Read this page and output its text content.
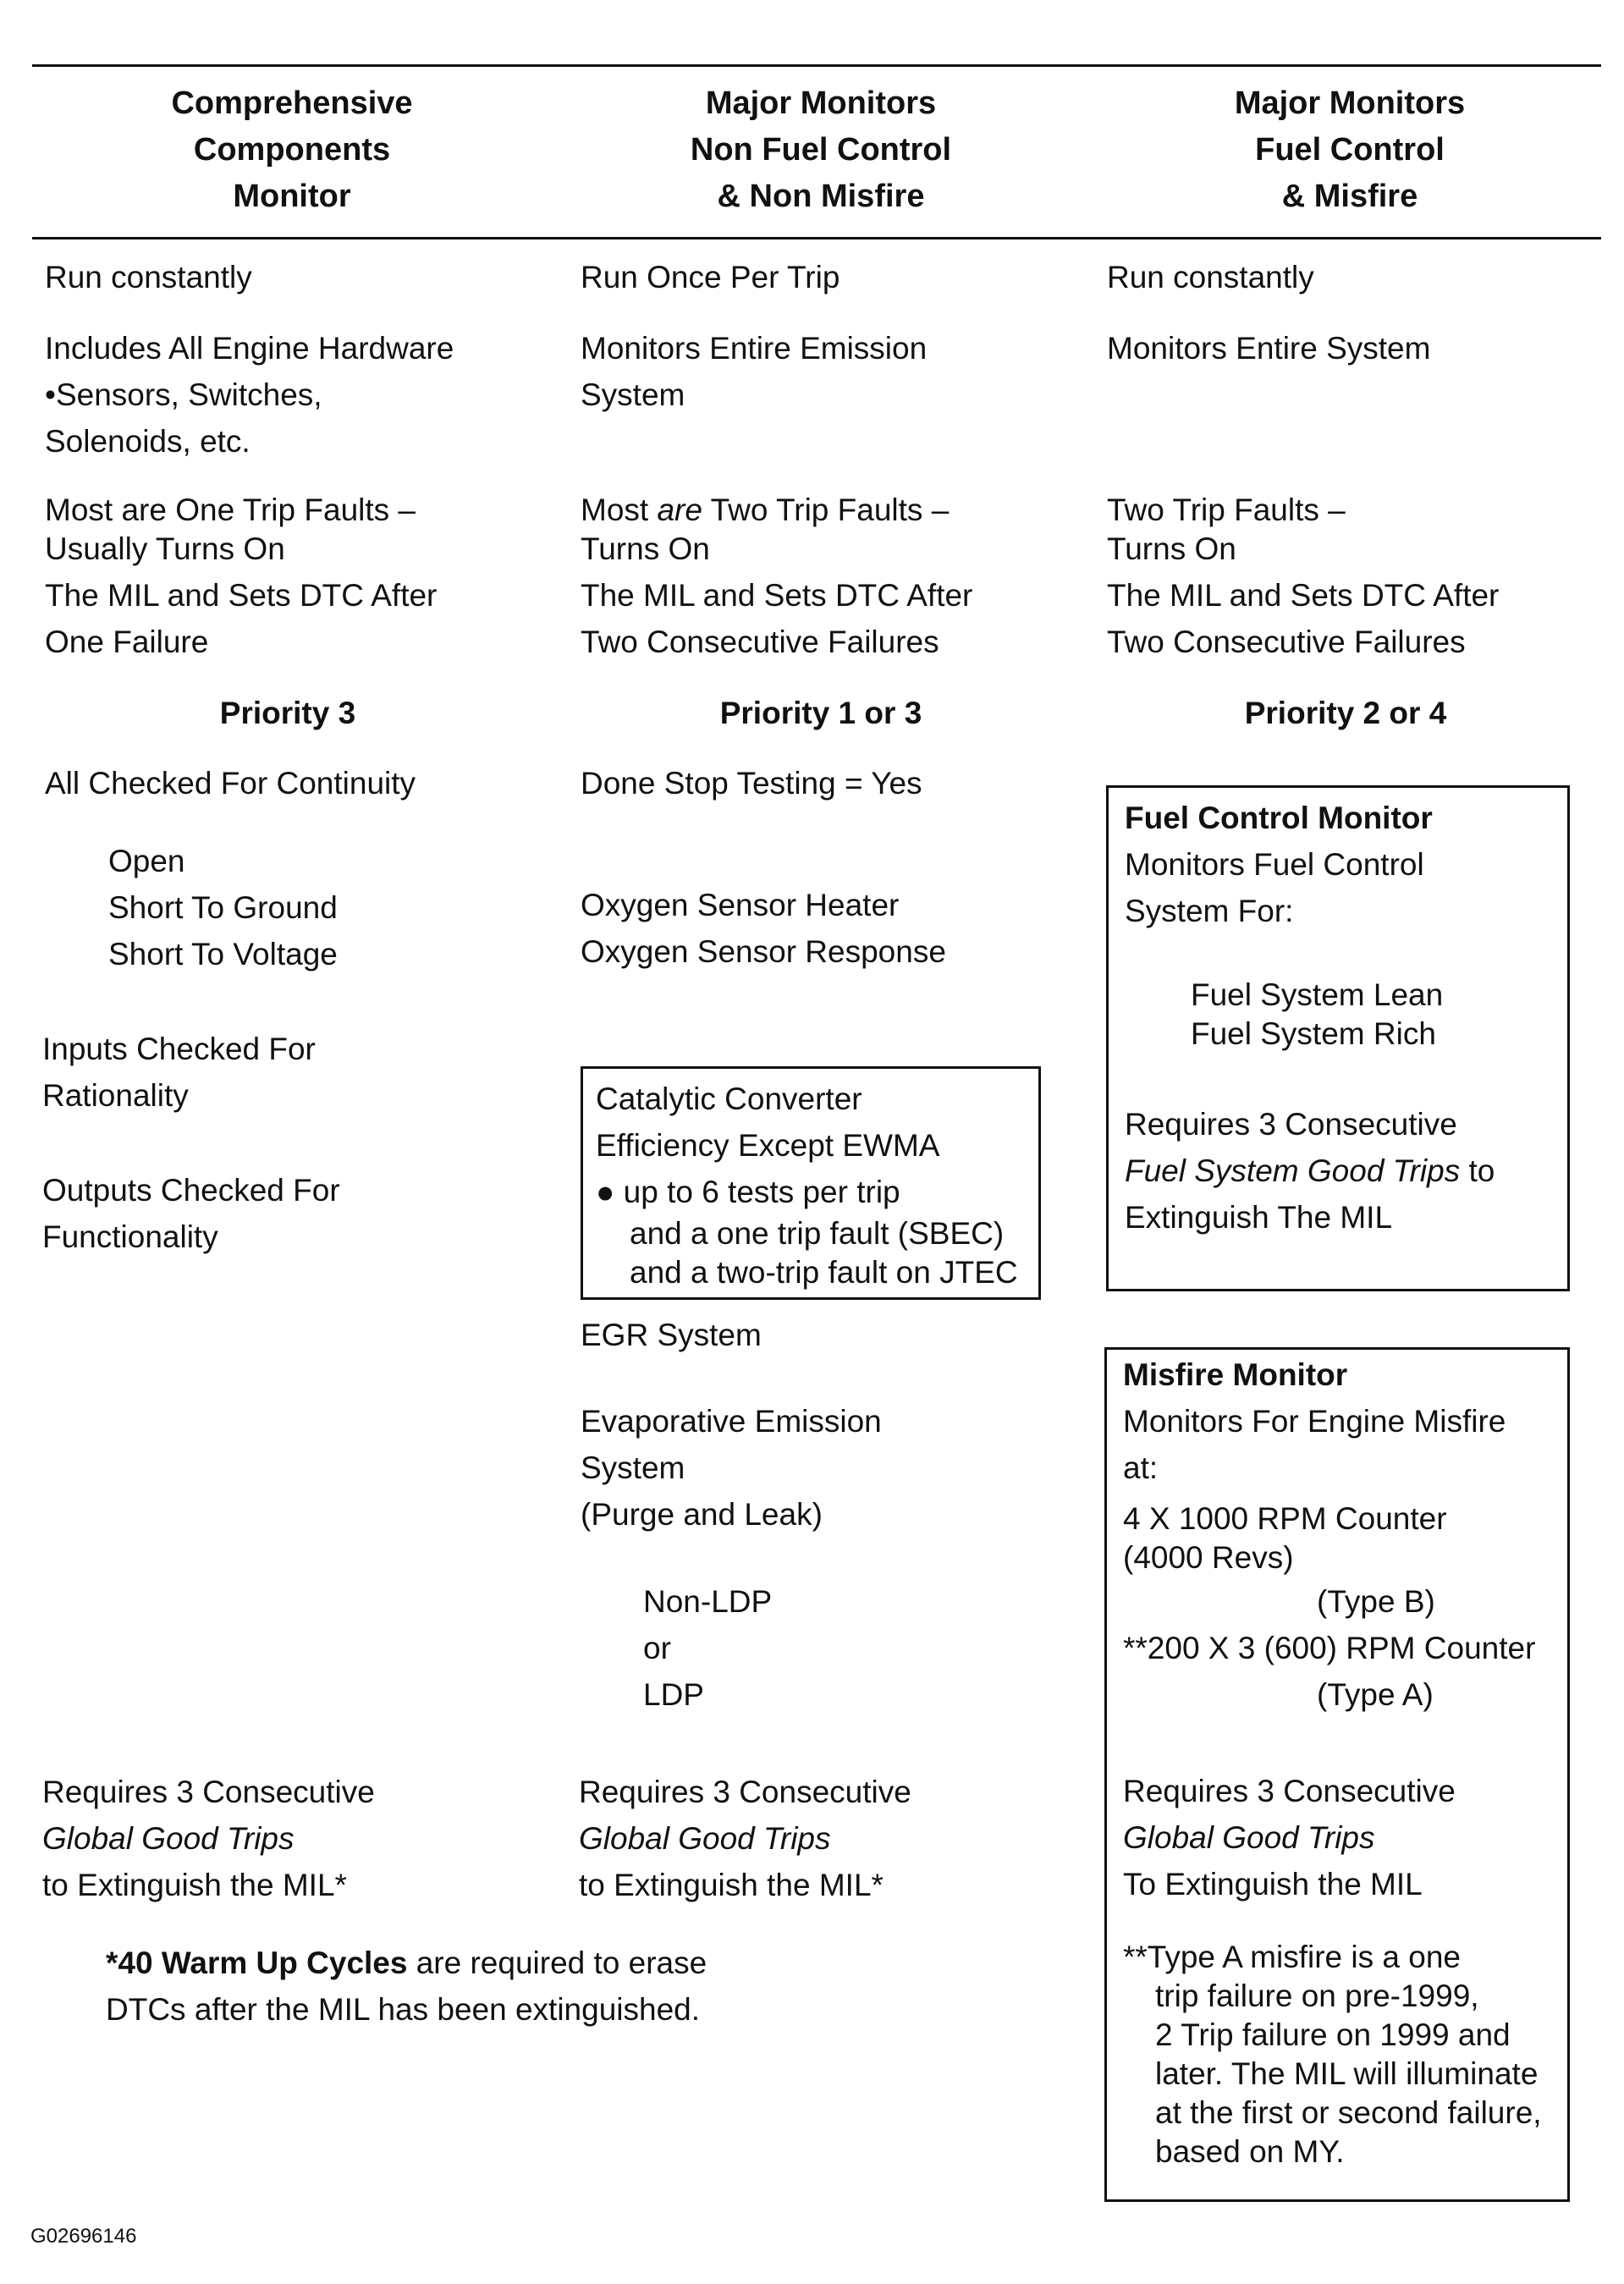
Comprehensive
Components
Monitor
Major Monitors
Non Fuel Control
& Non Misfire
Major Monitors
Fuel Control
& Misfire
Run constantly
Includes All Engine Hardware
•Sensors, Switches,
Solenoids, etc.
Most are One Trip Faults –
Usually Turns On
The MIL and Sets DTC After
One Failure
Priority 3
All Checked For Continuity
Open
Short To Ground
Short To Voltage
Inputs Checked For
Rationality
Outputs Checked For
Functionality
Requires 3 Consecutive
Global Good Trips
to Extinguish the MIL*
*40 Warm Up Cycles are required to erase
DTCs after the MIL has been extinguished.
Run Once Per Trip
Monitors Entire Emission
System
Most are Two Trip Faults –
Turns On
The MIL and Sets DTC After
Two Consecutive Failures
Priority 1 or 3
Done Stop Testing = Yes
Oxygen Sensor Heater
Oxygen Sensor Response
Catalytic Converter
Efficiency Except EWMA
● up to 6 tests per trip
and a one trip fault (SBEC)
and a two-trip fault on JTEC
EGR System
Evaporative Emission
System
(Purge and Leak)
Non-LDP
or
LDP
Requires 3 Consecutive
Global Good Trips
to Extinguish the MIL*
Run constantly
Monitors Entire System
Two Trip Faults –
Turns On
The MIL and Sets DTC After
Two Consecutive Failures
Priority 2 or 4
Fuel Control Monitor
Monitors Fuel Control
System For:
Fuel System Lean
Fuel System Rich
Requires 3 Consecutive
Fuel System Good Trips to
Extinguish The MIL
Misfire Monitor
Monitors For Engine Misfire
at:
4 X 1000 RPM Counter
(4000 Revs)
(Type B)
**200 X 3 (600) RPM Counter
(Type A)
Requires 3 Consecutive
Global Good Trips
To Extinguish the MIL
**Type A misfire is a one
trip failure on pre-1999,
2 Trip failure on 1999 and
later. The MIL will illuminate
at the first or second failure,
based on MY.
G02696146
